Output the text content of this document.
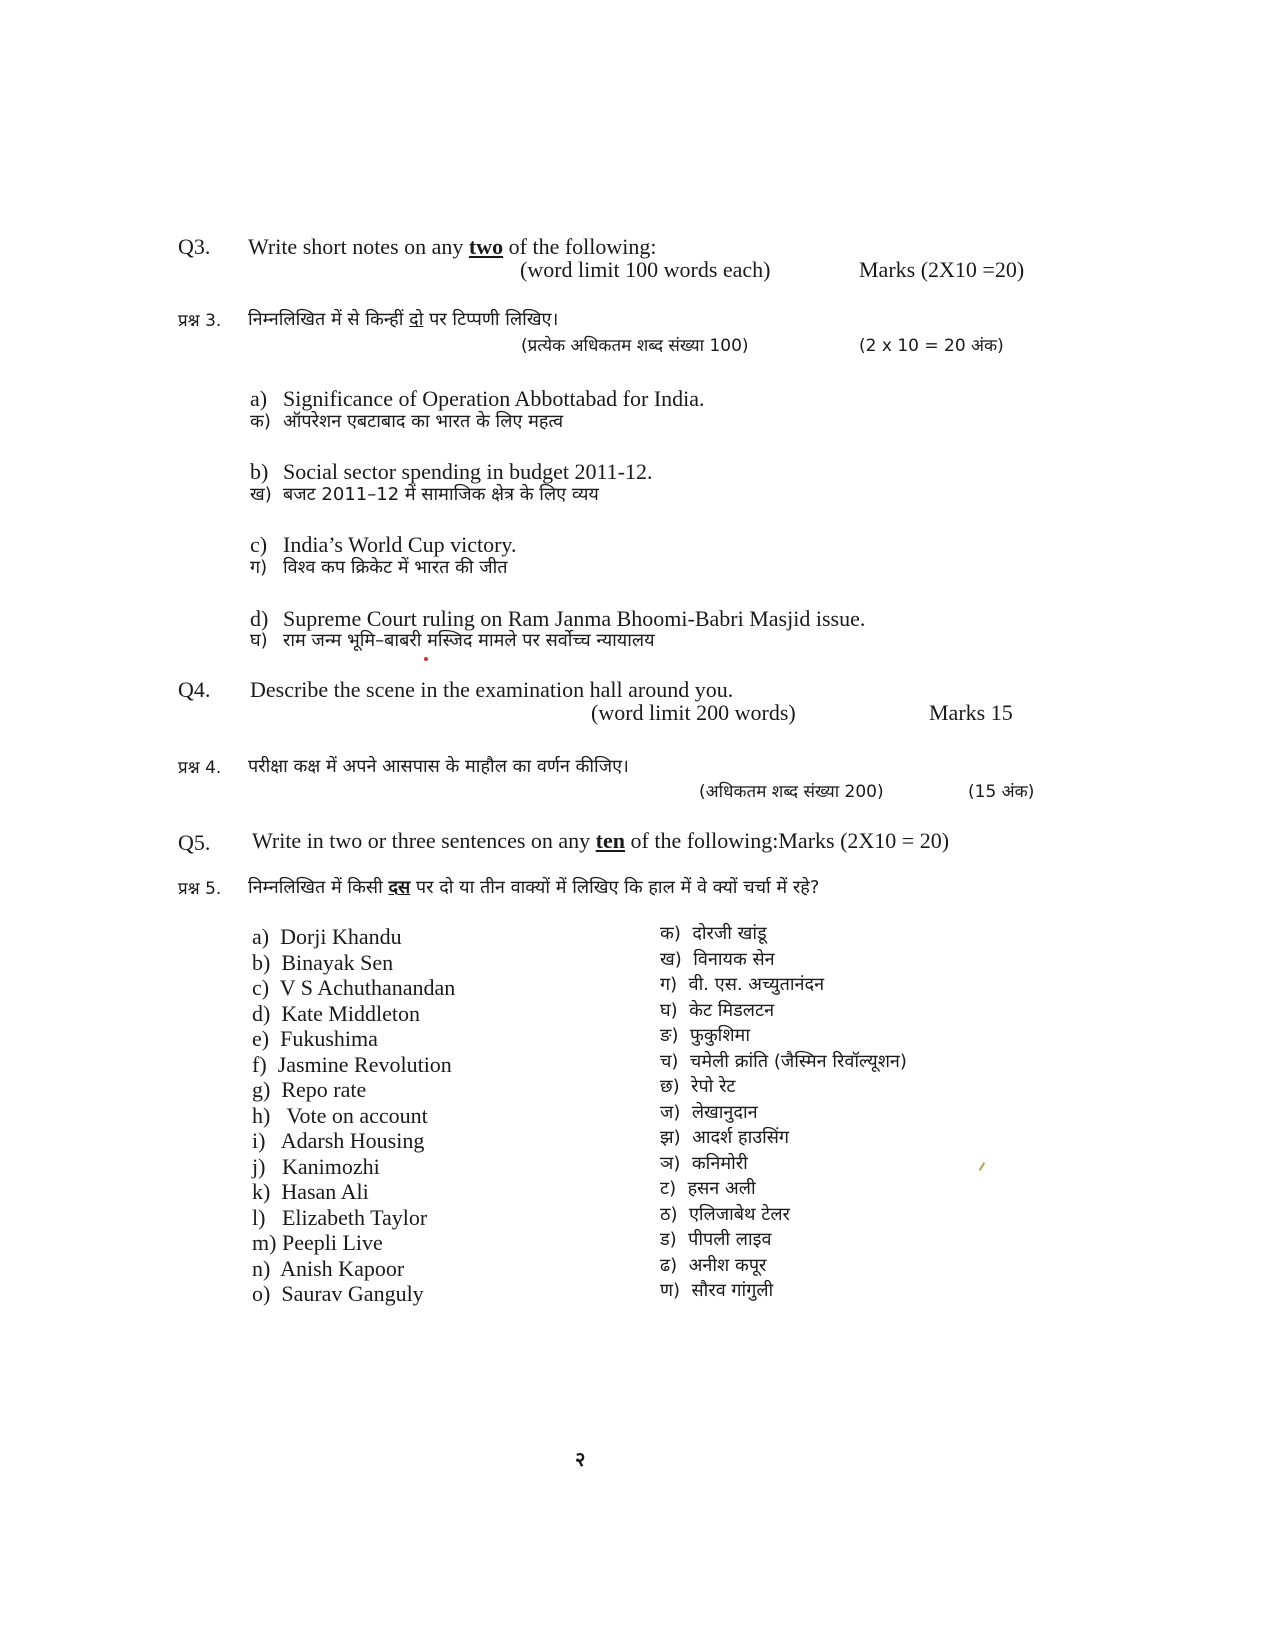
Q3. Write short notes on any two of the following:
(word limit 100 words each)	Marks (2X10 =20)
प्रश्न 3. निम्नलिखित में से किन्हीं दो पर टिप्पणी लिखिए।
(प्रत्येक अधिकतम शब्द संख्या 100)	(2 x 10 = 20 अंक)
a) Significance of Operation Abbottabad for India.
क) ऑपरेशन एबटाबाद का भारत के लिए महत्व
b) Social sector spending in budget 2011-12.
ख) बजट 2011–12 में सामाजिक क्षेत्र के लिए व्यय
c) India’s World Cup victory.
ग) विश्व कप क्रिकेट में भारत की जीत
d) Supreme Court ruling on Ram Janma Bhoomi-Babri Masjid issue.
घ) राम जन्म भूमि–बाबरी मस्जिद मामले पर सर्वोच्च न्यायालय
Q4. Describe the scene in the examination hall around you.
(word limit 200 words)	Marks 15
प्रश्न 4. परीक्षा कक्ष में अपने आसपास के माहौल का वर्णन कीजिए।
(अधिकतम शब्द संख्या 200)	(15 अंक)
Q5. Write in two or three sentences on any ten of the following:Marks (2X10 = 20)
प्रश्न 5. निम्नलिखित में किसी दस पर दो या तीन वाक्यों में लिखिए कि हाल में वे क्यों चर्चा में रहे?
a) Dorji Khandu
b) Binayak Sen
c) V S Achuthanandan
d) Kate Middleton
e) Fukushima
f) Jasmine Revolution
g) Repo rate
h) Vote on account
i) Adarsh Housing
j) Kanimozhi
k) Hasan Ali
l) Elizabeth Taylor
m) Peepli Live
n) Anish Kapoor
o) Saurav Ganguly
क) दोरजी खांडू
ख) विनायक सेन
ग) वी. एस. अच्युतानंदन
घ) केट मिडलटन
ङ) फुकुशिमा
च) चमेली क्रांति (जैस्मिन रिवॉल्यूशन)
छ) रेपो रेट
ज) लेखानुदान
झ) आदर्श हाउसिंग
ञ) कनिमोरी
ट) हसन अली
ठ) एलिजाबेथ टेलर
ड) पीपली लाइव
ढ) अनीश कपूर
ण) सौरव गांगुली
२
